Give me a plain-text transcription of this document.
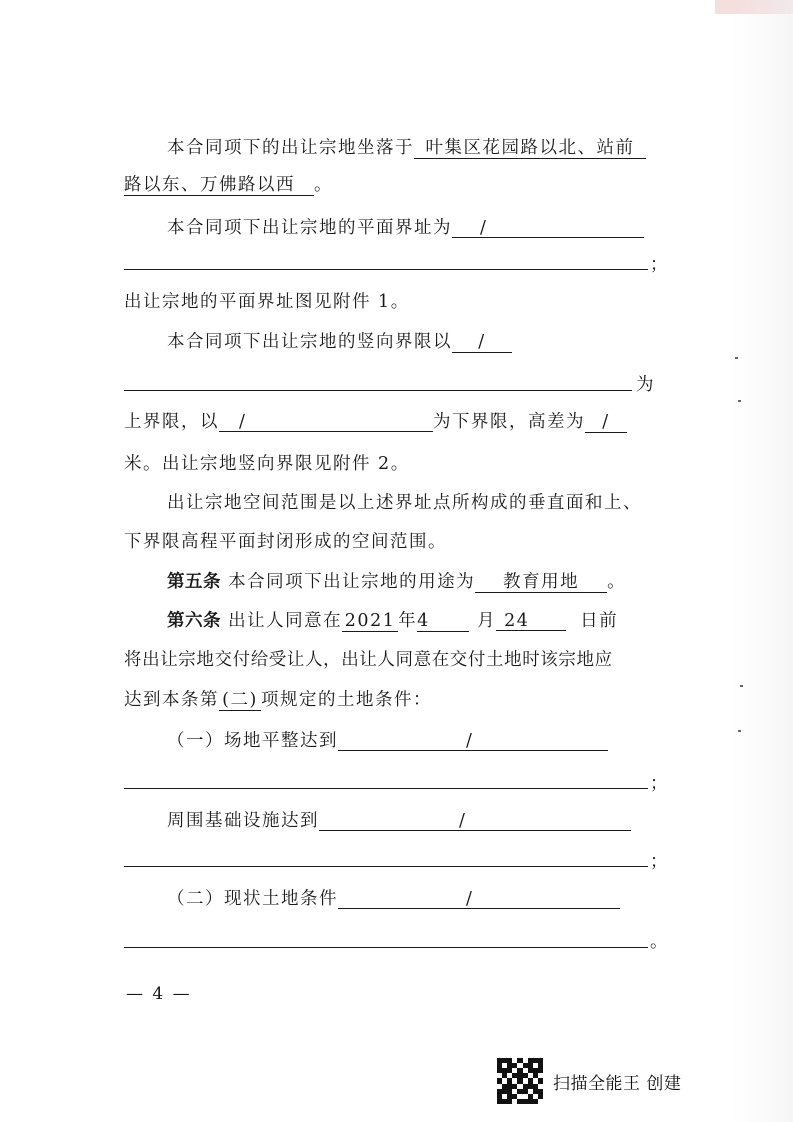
本合同项下的出让宗地坐落于 叶集区花园路以北、站前
路以东、万佛路以西 。
本合同项下出让宗地的平面界址为 /
；
出让宗地的平面界址图见附件 1。
本合同项下出让宗地的竖向界限以 /
为
上界限，以 /	为下界限，高差为 /
米。出让宗地竖向界限见附件 2。
出让宗地空间范围是以上述界址点所构成的垂直面和上、
下界限高程平面封闭形成的空间范围。
第五条 本合同项下出让宗地的用途为 教育用地 。
第六条 出让人同意在 2021 年4	月 24	日前
将出让宗地交付给受让人，出让人同意在交付土地时该宗地应
达到本条第 (二) 项规定的土地条件：
（一）场地平整达到	/
；
周围基础设施达到	/
；
（二）现状土地条件	/
。
— 4 —
扫描全能王 创建
